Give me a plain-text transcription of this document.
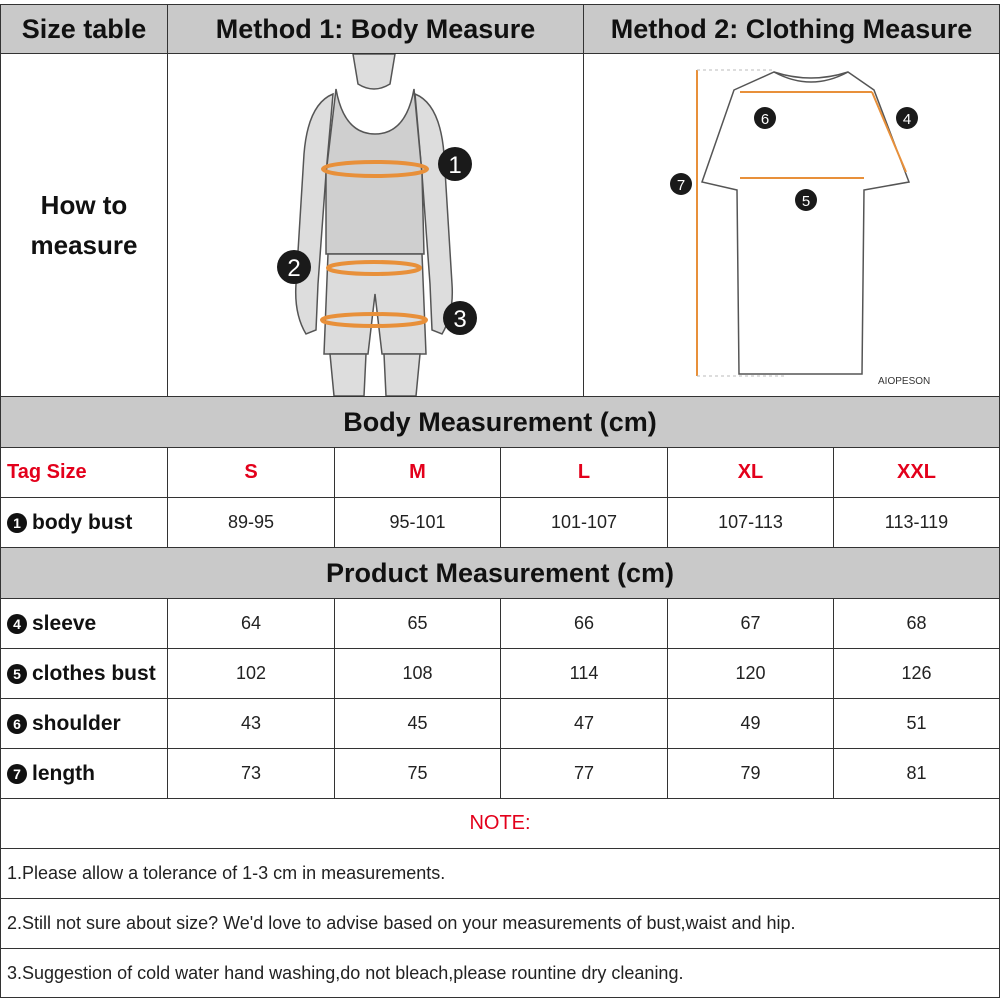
Size table	Method 1: Body Measure	Method 2: Clothing Measure
How to
measure
1
2
3
6	4
7
5
AIOPESON
Body Measurement (cm)
Tag Size	S	M	L	XL	XXL
1 body bust	89-95	95-101	101-107	107-113	113-119
Product Measurement (cm)
4 sleeve	64	65	66	67	68
5 clothes bust	102	108	114	120	126
6 shoulder	43	45	47	49	51
7 length	73	75	77	79	81
NOTE:
1.Please allow a tolerance of 1-3 cm in measurements.
2.Still not sure about size? We'd love to advise based on your measurements of bust,waist and hip.
3.Suggestion of cold water hand washing,do not bleach,please rountine dry cleaning.
